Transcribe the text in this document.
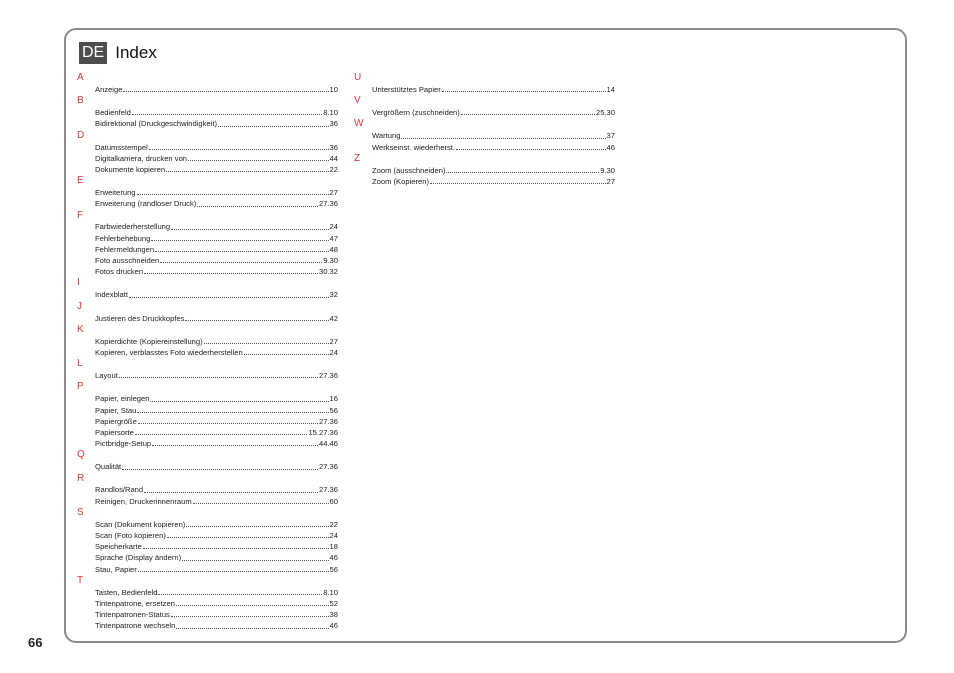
DE Index
A
Anzeige	10
B
Bedienfeld	8.10
Bidirektional (Druckgeschwindigkeit)	36
D
Datumsstempel	36
Digitalkamera, drucken von	44
Dokumente kopieren	22
E
Erweiterung	27
Erweiterung (randloser Druck)	27.36
F
Farbwiederherstellung	24
Fehlerbehebung	47
Fehlermeldungen	48
Foto ausschneiden	9.30
Fotos drucken	30.32
I
Indexblatt	32
J
Justieren des Druckkopfes	42
K
Kopierdichte (Kopiereinstellung)	27
Kopieren, verblasstes Foto wiederherstellen	24
L
Layout	27.36
P
Papier, einlegen	16
Papier, Stau	56
Papiergröße	27.36
Papiersorte	15.27.36
Pictbridge-Setup	44.46
Q
Qualität	27.36
R
Randlos/Rand	27.36
Reinigen, Druckerinnenraum	60
S
Scan (Dokument kopieren)	22
Scan (Foto kopieren)	24
Speicherkarte	18
Sprache (Display ändern)	46
Stau, Papier	56
T
Tasten, Bedienfeld	8.10
Tintenpatrone, ersetzen	52
Tintenpatronen-Status	38
Tintenpatrone wechseln	46
U
Unterstütztes Papier	14
V
Vergrößern (zuschneiden)	25.30
W
Wartung	37
Werkseinst. wiederherst.	46
Z
Zoom (ausschneiden)	9.30
Zoom (Kopieren)	27
66
